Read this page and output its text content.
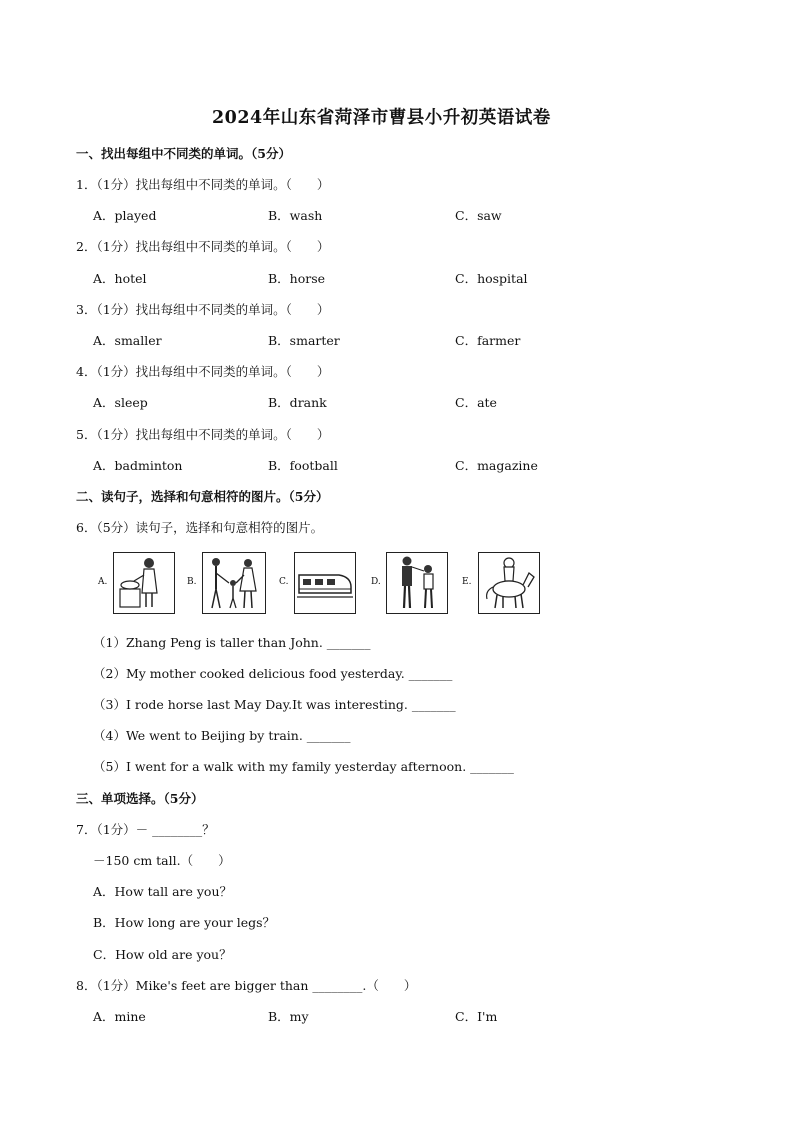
2024年山东省菏泽市曹县小升初英语试卷
一、找出每组中不同类的单词。（5分）
1．（1分）找出每组中不同类的单词。（　　）
A．played	B．wash	C．saw
2．（1分）找出每组中不同类的单词。（　　）
A．hotel	B．horse	C．hospital
3．（1分）找出每组中不同类的单词。（　　）
A．smaller	B．smarter	C．farmer
4．（1分）找出每组中不同类的单词。（　　）
A．sleep	B．drank	C．ate
5．（1分）找出每组中不同类的单词。（　　）
A．badminton	B．football	C．magazine
二、读句子，选择和句意相符的图片。（5分）
6．（5分）读句子，选择和句意相符的图片。
A.	B.	C.	D.	E.
（1）Zhang Peng is taller than John. _______
（2）My mother cooked delicious food yesterday. _______
（3）I rode horse last May Day.It was interesting. _______
（4）We went to Beijing by train. _______
（5）I went for a walk with my family yesterday afternoon. _______
三、单项选择。（5分）
7．（1分）－ ________？
－150 cm tall.（　　）
A．How tall are you？
B．How long are your legs？
C．How old are you？
8．（1分）Mike's feet are bigger than ________.（　　）
A．mine	B．my	C．I'm
